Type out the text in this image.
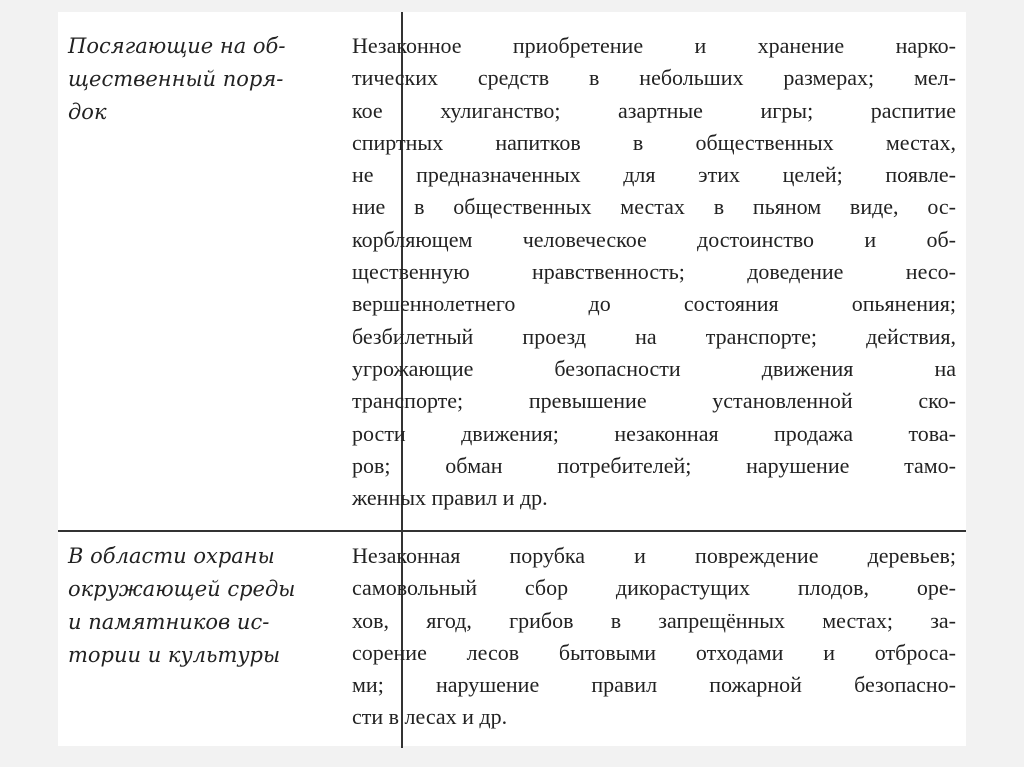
Посягающие на об-
щественный поря-
док
Незаконное приобретение и хранение нарко-
тических средств в небольших размерах; мел-
кое хулиганство; азартные игры; распитие
спиртных напитков в общественных местах,
не предназначенных для этих целей; появле-
ние в общественных местах в пьяном виде, ос-
корбляющем человеческое достоинство и об-
щественную нравственность; доведение несо-
вершеннолетнего до состояния опьянения;
безбилетный проезд на транспорте; действия,
угрожающие безопасности движения на
транспорте; превышение установленной ско-
рости движения; незаконная продажа това-
ров; обман потребителей; нарушение тамо-
женных правил и др.
В области охраны
окружающей среды
и памятников ис-
тории и культуры
Незаконная порубка и повреждение деревьев;
самовольный сбор дикорастущих плодов, оре-
хов, ягод, грибов в запрещённых местах; за-
сорение лесов бытовыми отходами и отброса-
ми; нарушение правил пожарной безопасно-
сти в лесах и др.
